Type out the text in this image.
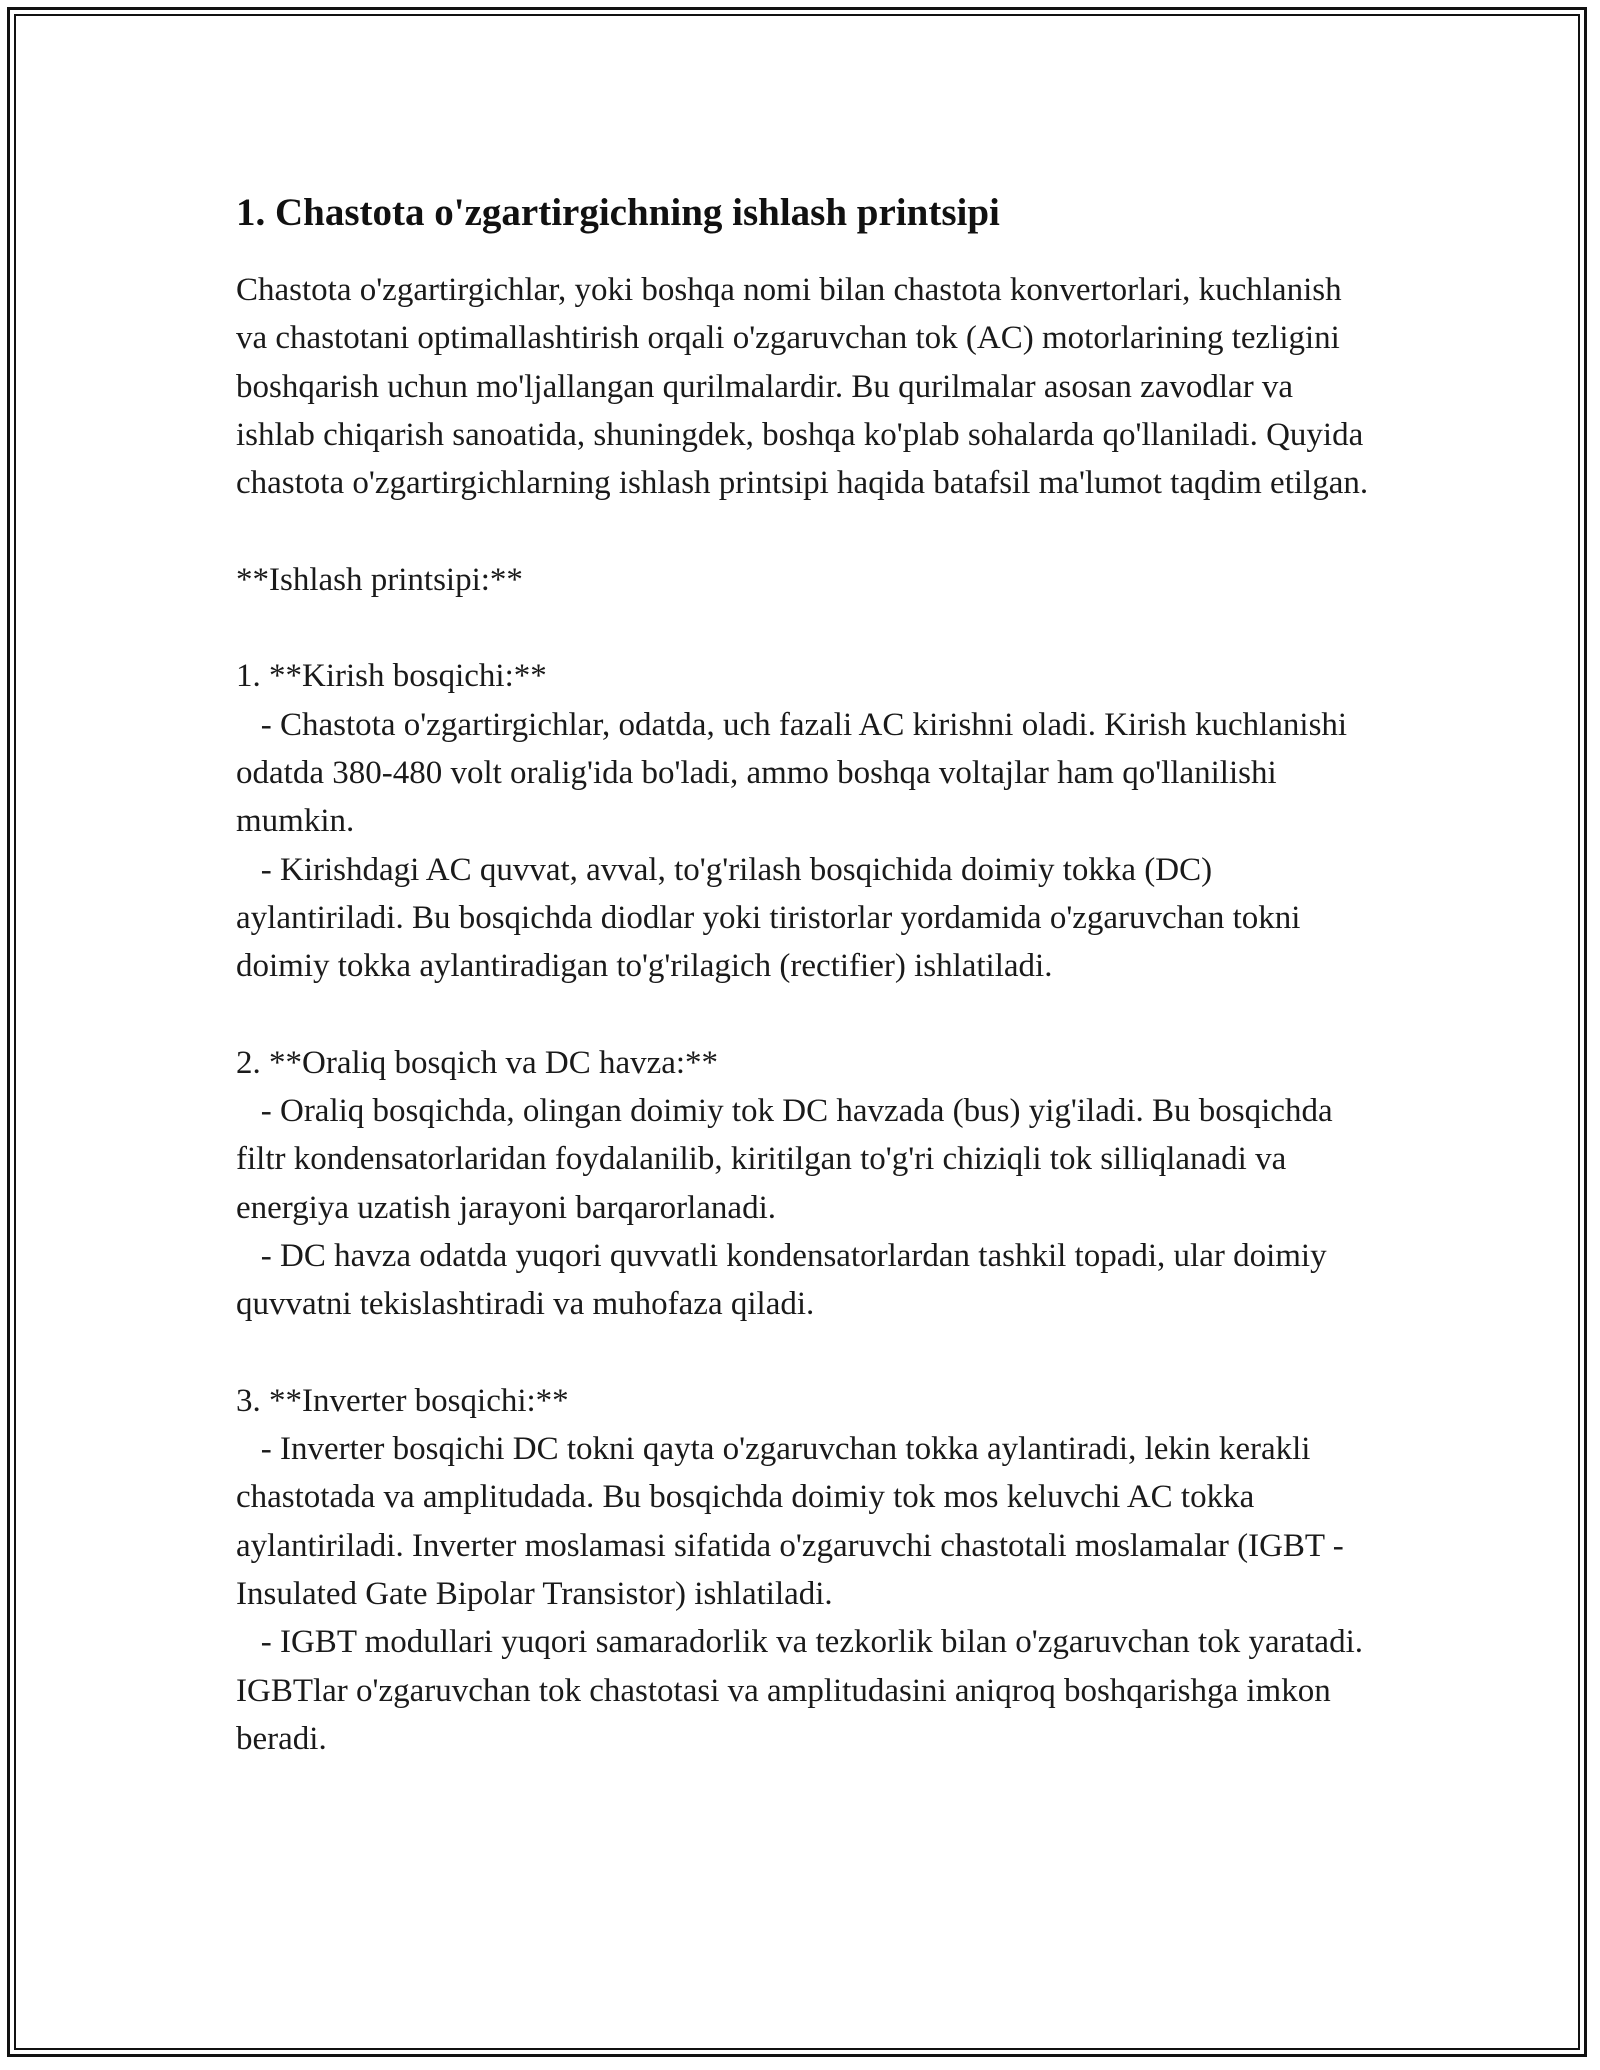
1. Chastota o'zgartirgichning ishlash printsipi

Chastota o'zgartirgichlar, yoki boshqa nomi bilan chastota konvertorlari, kuchlanish va chastotani optimallashtirish orqali o'zgaruvchan tok (AC) motorlarining tezligini boshqarish uchun mo'ljallangan qurilmalardir. Bu qurilmalar asosan zavodlar va ishlab chiqarish sanoatida, shuningdek, boshqa ko'plab sohalarda qo'llaniladi. Quyida chastota o'zgartirgichlarning ishlash printsipi haqida batafsil ma'lumot taqdim etilgan.

**Ishlash printsipi:**

1. **Kirish bosqichi:**
- Chastota o'zgartirgichlar, odatda, uch fazali AC kirishni oladi. Kirish kuchlanishi odatda 380-480 volt oralig'ida bo'ladi, ammo boshqa voltajlar ham qo'llanilishi mumkin.
- Kirishdagi AC quvvat, avval, to'g'rilash bosqichida doimiy tokka (DC) aylantiriladi. Bu bosqichda diodlar yoki tiristorlar yordamida o'zgaruvchan tokni doimiy tokka aylantiradigan to'g'rilagich (rectifier) ishlatiladi.

2. **Oraliq bosqich va DC havza:**
- Oraliq bosqichda, olingan doimiy tok DC havzada (bus) yig'iladi. Bu bosqichda filtr kondensatorlaridan foydalanilib, kiritilgan to'g'ri chiziqli tok silliqlanadi va energiya uzatish jarayoni barqarorlanadi.
- DC havza odatda yuqori quvvatli kondensatorlardan tashkil topadi, ular doimiy quvvatni tekislashtiradi va muhofaza qiladi.

3. **Inverter bosqichi:**
- Inverter bosqichi DC tokni qayta o'zgaruvchan tokka aylantiradi, lekin kerakli chastotada va amplitudada. Bu bosqichda doimiy tok mos keluvchi AC tokka aylantiriladi. Inverter moslamasi sifatida o'zgaruvchi chastotali moslamalar (IGBT - Insulated Gate Bipolar Transistor) ishlatiladi.
- IGBT modullari yuqori samaradorlik va tezkorlik bilan o'zgaruvchan tok yaratadi. IGBTlar o'zgaruvchan tok chastotasi va amplitudasini aniqroq boshqarishga imkon beradi.
